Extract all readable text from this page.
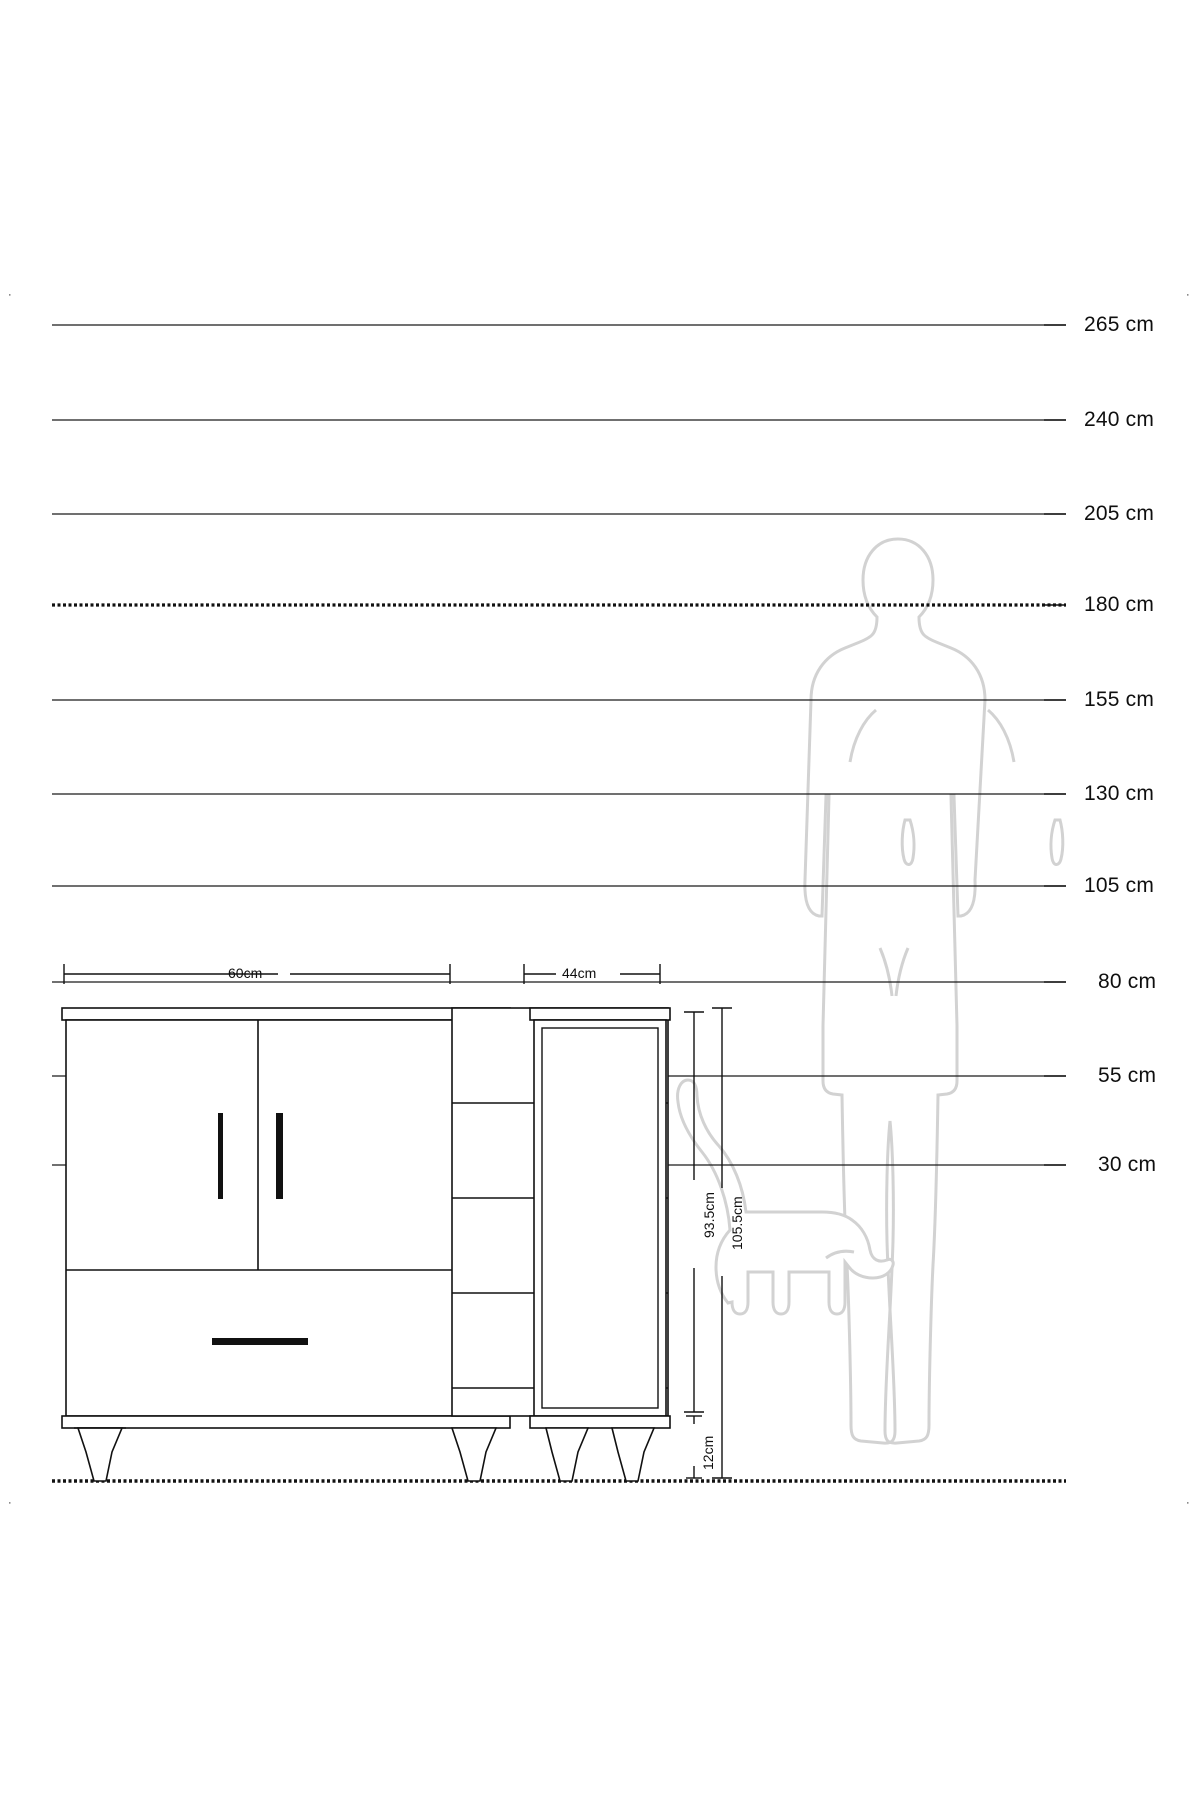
265 cm
240 cm
205 cm
180 cm
155 cm
130 cm
105 cm
80 cm
55 cm
30 cm
60cm	44cm
93.5cm 105.5cm
12cm
·	·
·	·
